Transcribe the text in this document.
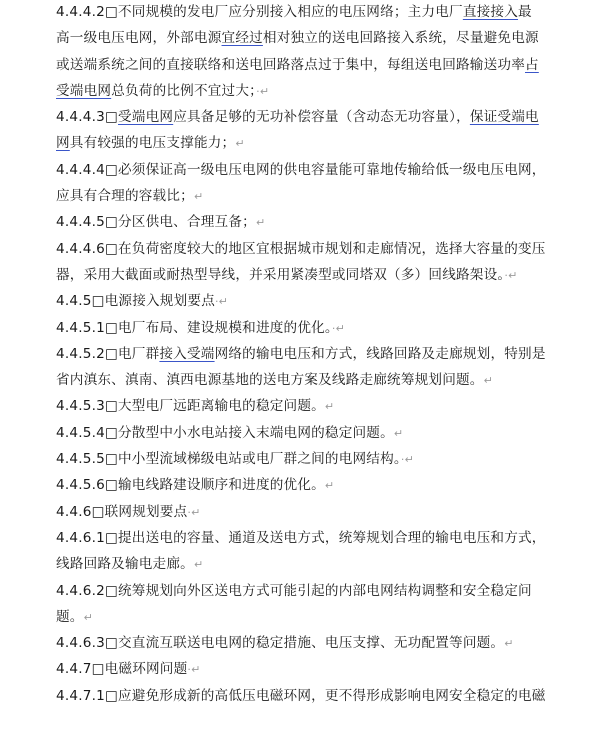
4.4.4.2□不同规模的发电厂应分别接入相应的电压网络；主力电厂直接接入最
高一级电压电网，外部电源宜经过相对独立的送电回路接入系统，尽量避免电源
或送端系统之间的直接联络和送电回路落点过于集中，每组送电回路输送功率占
受端电网总负荷的比例不宜过大；·↵
4.4.4.3□受端电网应具备足够的无功补偿容量（含动态无功容量），保证受端电
网具有较强的电压支撑能力；↵
4.4.4.4□必须保证高一级电压电网的供电容量能可靠地传输给低一级电压电网，
应具有合理的容载比；↵
4.4.4.5□分区供电、合理互备；↵
4.4.4.6□在负荷密度较大的地区宜根据城市规划和走廊情况，选择大容量的变压
器，采用大截面或耐热型导线，并采用紧凑型或同塔双（多）回线路架设。·↵
4.4.5□电源接入规划要点·↵
4.4.5.1□电厂布局、建设规模和进度的优化。·↵
4.4.5.2□电厂群接入受端网络的输电电压和方式，线路回路及走廊规划，特别是
省内滇东、滇南、滇西电源基地的送电方案及线路走廊统筹规划问题。↵
4.4.5.3□大型电厂远距离输电的稳定问题。↵
4.4.5.4□分散型中小水电站接入末端电网的稳定问题。↵
4.4.5.5□中小型流域梯级电站或电厂群之间的电网结构。·↵
4.4.5.6□输电线路建设顺序和进度的优化。↵
4.4.6□联网规划要点·↵
4.4.6.1□提出送电的容量、通道及送电方式，统筹规划合理的输电电压和方式，
线路回路及输电走廊。↵
4.4.6.2□统筹规划向外区送电方式可能引起的内部电网结构调整和安全稳定问
题。↵
4.4.6.3□交直流互联送电电网的稳定措施、电压支撑、无功配置等问题。↵
4.4.7□电磁环网问题·↵
4.4.7.1□应避免形成新的高低压电磁环网，更不得形成影响电网安全稳定的电磁
